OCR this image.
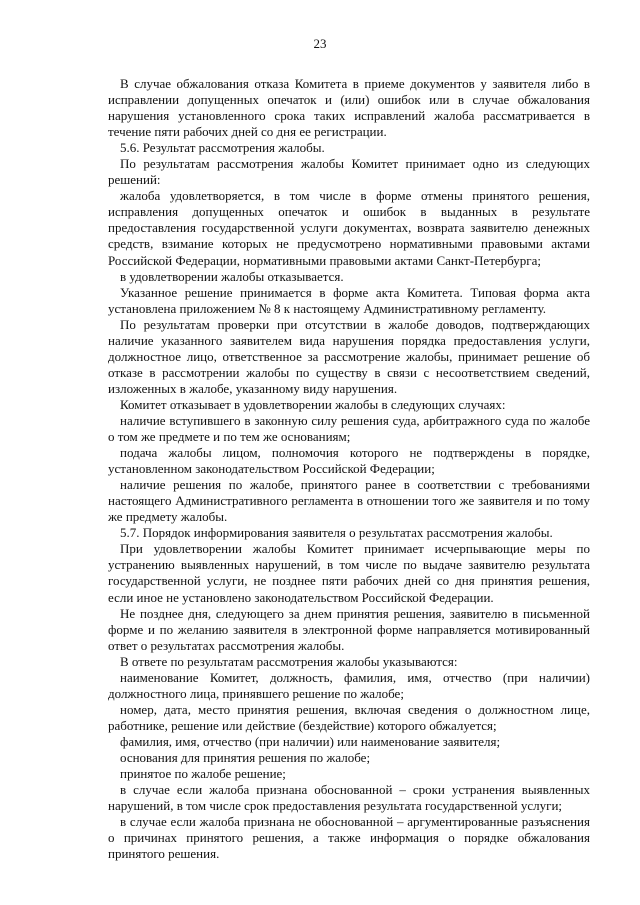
23

В случае обжалования отказа Комитета в приеме документов у заявителя либо в исправлении допущенных опечаток и (или) ошибок или в случае обжалования нарушения установленного срока таких исправлений жалоба рассматривается в течение пяти рабочих дней со дня ее регистрации.

5.6. Результат рассмотрения жалобы.

По результатам рассмотрения жалобы Комитет принимает одно из следующих решений:

жалоба удовлетворяется, в том числе в форме отмены принятого решения, исправления допущенных опечаток и ошибок в выданных в результате предоставления государственной услуги документах, возврата заявителю денежных средств, взимание которых не предусмотрено нормативными правовыми актами Российской Федерации, нормативными правовыми актами Санкт-Петербурга;

в удовлетворении жалобы отказывается.

Указанное решение принимается в форме акта Комитета. Типовая форма акта установлена приложением № 8 к настоящему Административному регламенту.

По результатам проверки при отсутствии в жалобе доводов, подтверждающих наличие указанного заявителем вида нарушения порядка предоставления услуги, должностное лицо, ответственное за рассмотрение жалобы, принимает решение об отказе в рассмотрении жалобы по существу в связи с несоответствием сведений, изложенных в жалобе, указанному виду нарушения.

Комитет отказывает в удовлетворении жалобы в следующих случаях:

наличие вступившего в законную силу решения суда, арбитражного суда по жалобе о том же предмете и по тем же основаниям;

подача жалобы лицом, полномочия которого не подтверждены в порядке, установленном законодательством Российской Федерации;

наличие решения по жалобе, принятого ранее в соответствии с требованиями настоящего Административного регламента в отношении того же заявителя и по тому же предмету жалобы.

5.7. Порядок информирования заявителя о результатах рассмотрения жалобы.

При удовлетворении жалобы Комитет принимает исчерпывающие меры по устранению выявленных нарушений, в том числе по выдаче заявителю результата государственной услуги, не позднее пяти рабочих дней со дня принятия решения, если иное не установлено законодательством Российской Федерации.

Не позднее дня, следующего за днем принятия решения, заявителю в письменной форме и по желанию заявителя в электронной форме направляется мотивированный ответ о результатах рассмотрения жалобы.

В ответе по результатам рассмотрения жалобы указываются:

наименование Комитет, должность, фамилия, имя, отчество (при наличии) должностного лица, принявшего решение по жалобе;

номер, дата, место принятия решения, включая сведения о должностном лице, работнике, решение или действие (бездействие) которого обжалуется;

фамилия, имя, отчество (при наличии) или наименование заявителя;

основания для принятия решения по жалобе;

принятое по жалобе решение;

в случае если жалоба признана обоснованной – сроки устранения выявленных нарушений, в том числе срок предоставления результата государственной услуги;

в случае если жалоба признана не обоснованной – аргументированные разъяснения о причинах принятого решения, а также информация о порядке обжалования принятого решения.
